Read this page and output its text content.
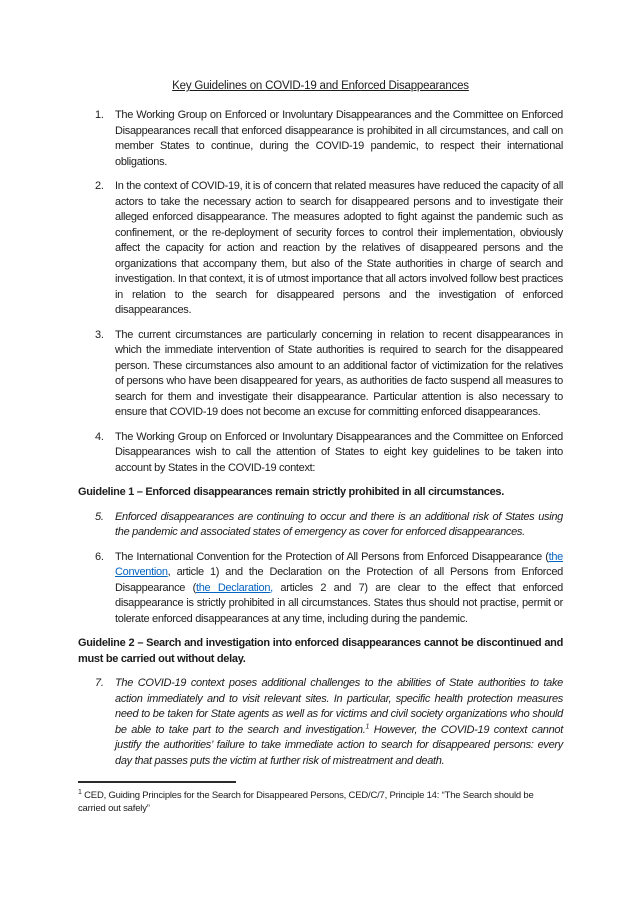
Key Guidelines on COVID-19 and Enforced Disappearances
1.	The Working Group on Enforced or Involuntary Disappearances and the Committee on Enforced Disappearances recall that enforced disappearance is prohibited in all circumstances, and call on member States to continue, during the COVID-19 pandemic, to respect their international obligations.
2.	In the context of COVID-19, it is of concern that related measures have reduced the capacity of all actors to take the necessary action to search for disappeared persons and to investigate their alleged enforced disappearance. The measures adopted to fight against the pandemic such as confinement, or the re-deployment of security forces to control their implementation, obviously affect the capacity for action and reaction by the relatives of disappeared persons and the organizations that accompany them, but also of the State authorities in charge of search and investigation. In that context, it is of utmost importance that all actors involved follow best practices in relation to the search for disappeared persons and the investigation of enforced disappearances.
3.	The current circumstances are particularly concerning in relation to recent disappearances in which the immediate intervention of State authorities is required to search for the disappeared person. These circumstances also amount to an additional factor of victimization for the relatives of persons who have been disappeared for years, as authorities de facto suspend all measures to search for them and investigate their disappearance. Particular attention is also necessary to ensure that COVID-19 does not become an excuse for committing enforced disappearances.
4.	The Working Group on Enforced or Involuntary Disappearances and the Committee on Enforced Disappearances wish to call the attention of States to eight key guidelines to be taken into account by States in the COVID-19 context:

Guideline 1 – Enforced disappearances remain strictly prohibited in all circumstances.

5.	Enforced disappearances are continuing to occur and there is an additional risk of States using the pandemic and associated states of emergency as cover for enforced disappearances.
6.	The International Convention for the Protection of All Persons from Enforced Disappearance (the Convention, article 1) and the Declaration on the Protection of all Persons from Enforced Disappearance (the Declaration, articles 2 and 7) are clear to the effect that enforced disappearance is strictly prohibited in all circumstances. States thus should not practise, permit or tolerate enforced disappearances at any time, including during the pandemic.

Guideline 2 – Search and investigation into enforced disappearances cannot be discontinued and must be carried out without delay.

7.	The COVID-19 context poses additional challenges to the abilities of State authorities to take action immediately and to visit relevant sites. In particular, specific health protection measures need to be taken for State agents as well as for victims and civil society organizations who should be able to take part to the search and investigation.$^1$ However, the COVID-19 context cannot justify the authorities’ failure to take immediate action to search for disappeared persons: every day that passes puts the victim at further risk of mistreatment and death.
$^1$ CED, Guiding Principles for the Search for Disappeared Persons, CED/C/7, Principle 14: “The Search should be carried out safely”
